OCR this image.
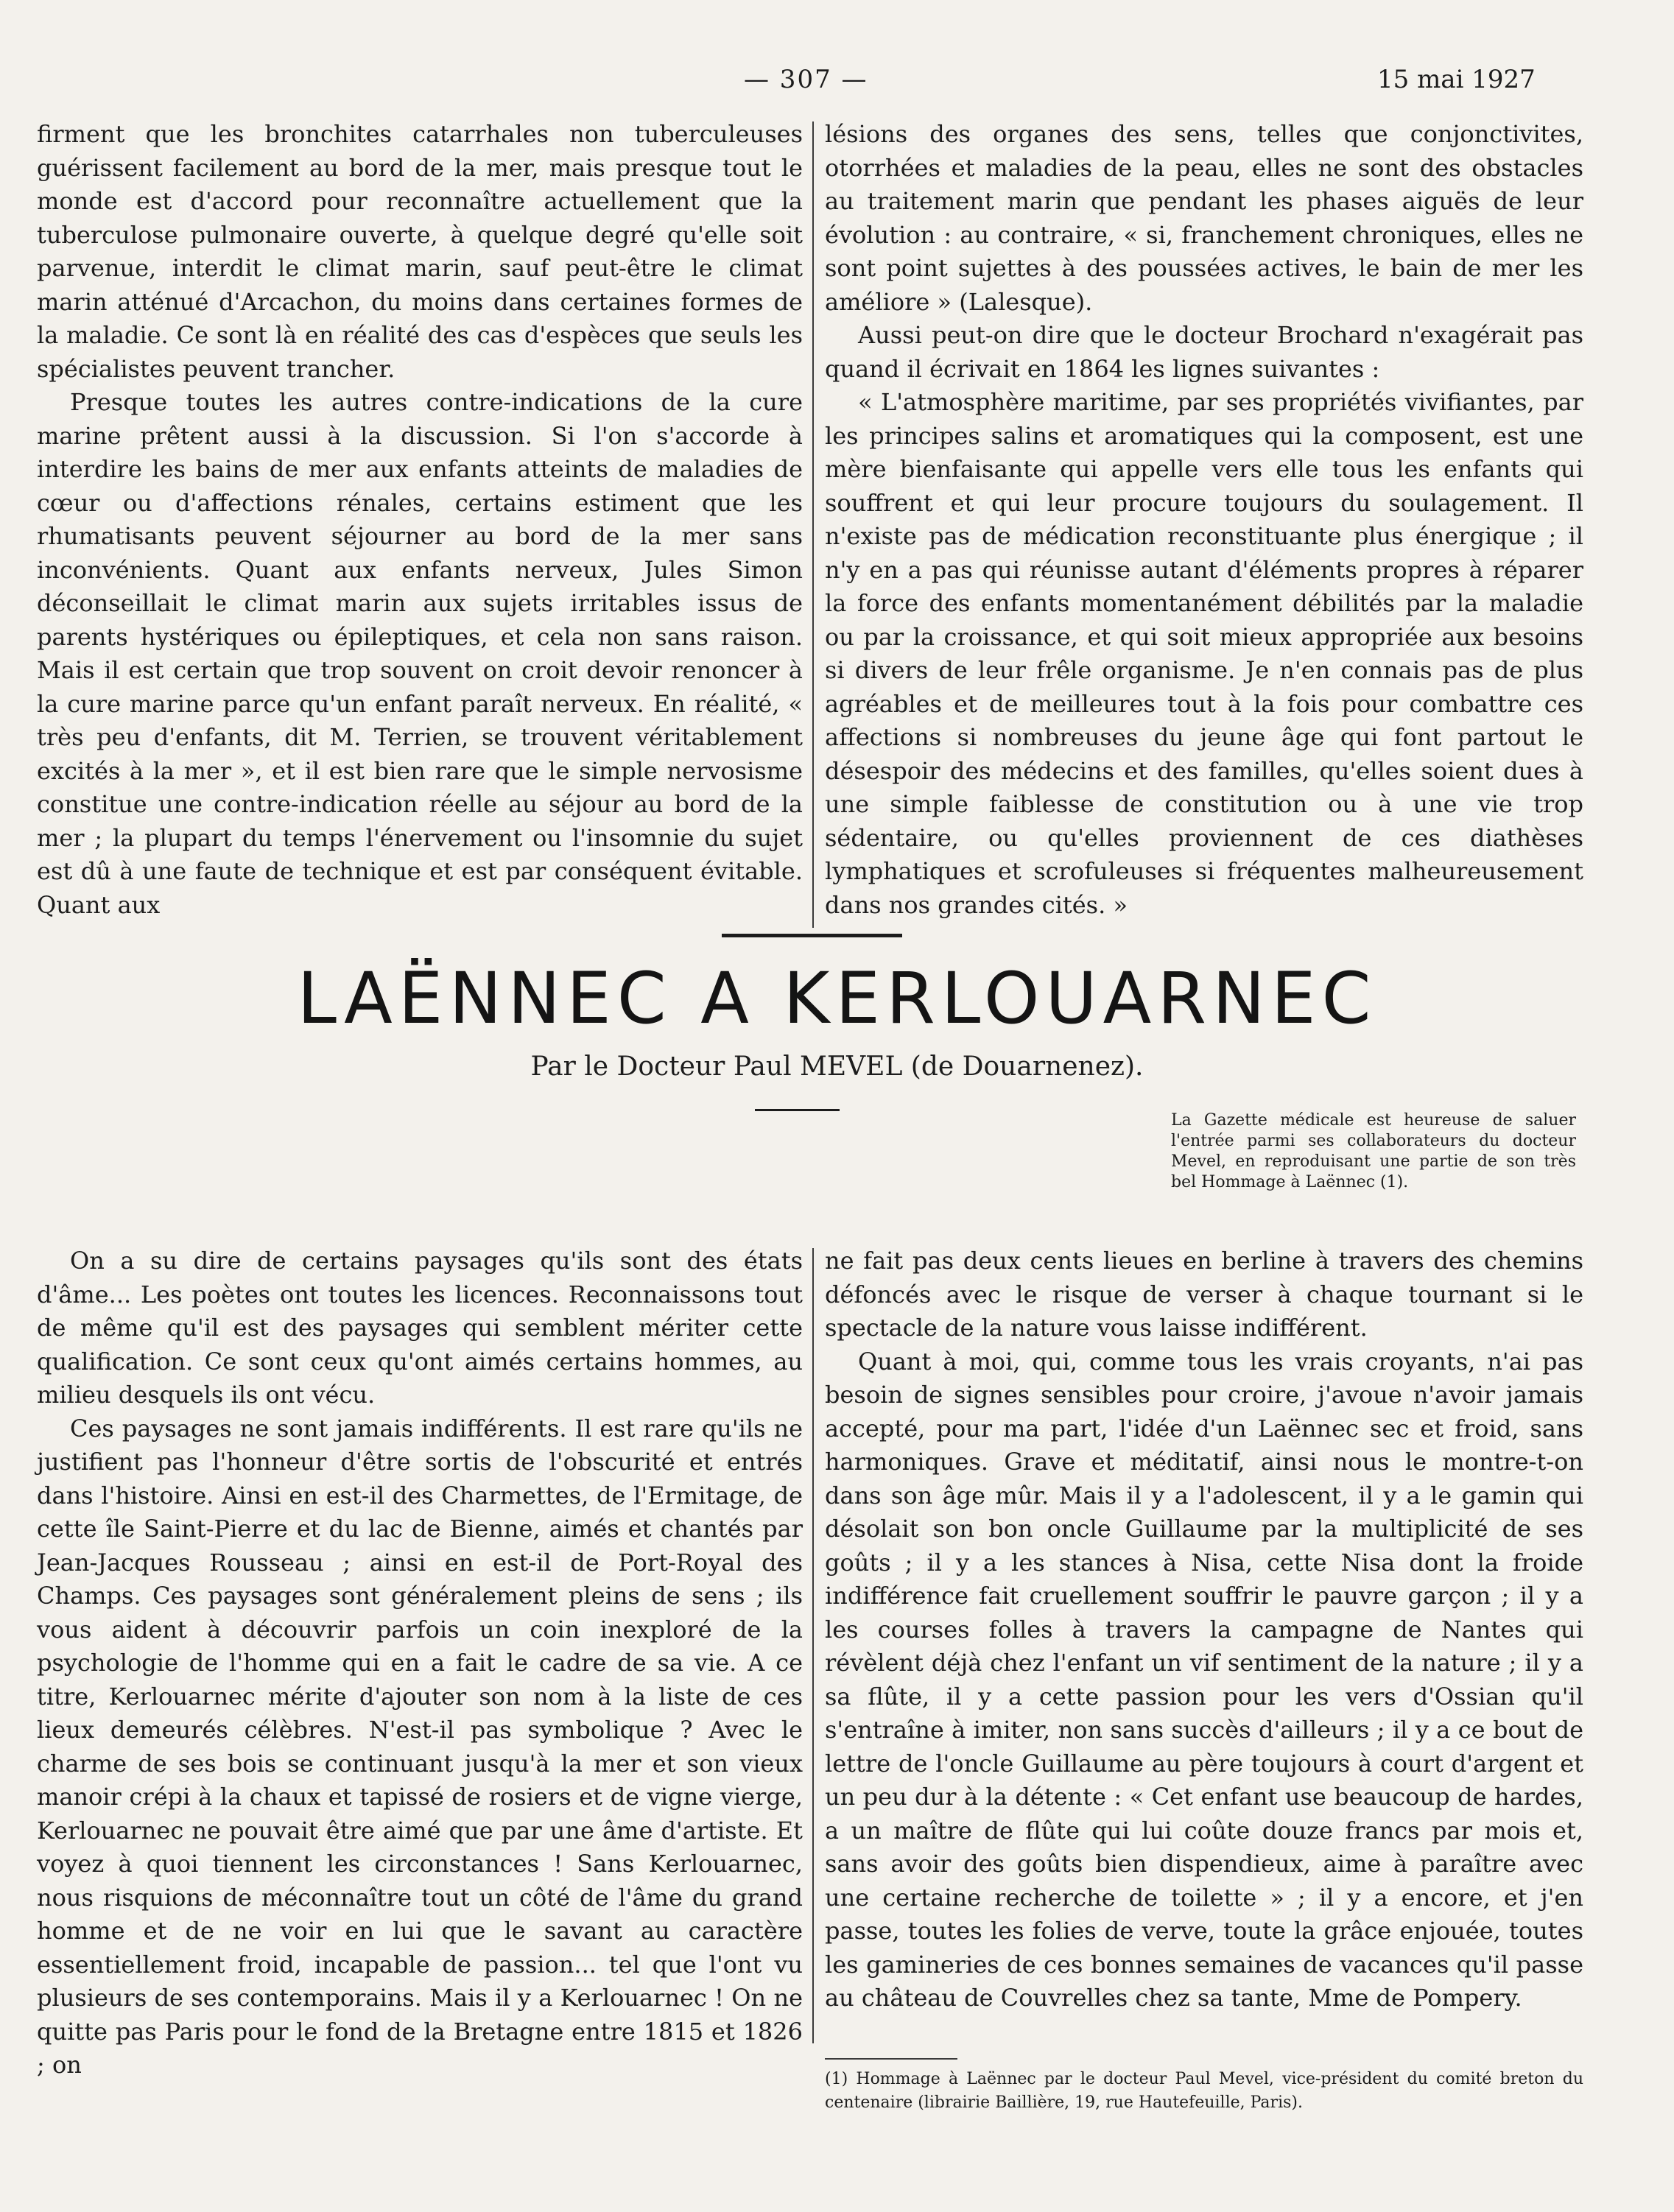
— 307 —	15 mai 1927

firment que les bronchites catarrhales non tuberculeuses guérissent facilement au bord de la mer, mais presque tout le monde est d'accord pour reconnaître actuellement que la tuberculose pulmonaire ouverte, à quelque degré qu'elle soit parvenue, interdit le climat marin, sauf peut-être le climat marin atténué d'Arcachon, du moins dans certaines formes de la maladie. Ce sont là en réalité des cas d'espèces que seuls les spécialistes peuvent trancher.

Presque toutes les autres contre-indications de la cure marine prêtent aussi à la discussion. Si l'on s'accorde à interdire les bains de mer aux enfants atteints de maladies de cœur ou d'affections rénales, certains estiment que les rhumatisants peuvent séjourner au bord de la mer sans inconvénients. Quant aux enfants nerveux, Jules Simon déconseillait le climat marin aux sujets irritables issus de parents hystériques ou épileptiques, et cela non sans raison. Mais il est certain que trop souvent on croit devoir renoncer à la cure marine parce qu'un enfant paraît nerveux. En réalité, « très peu d'enfants, dit M. Terrien, se trouvent véritablement excités à la mer », et il est bien rare que le simple nervosisme constitue une contre-indication réelle au séjour au bord de la mer ; la plupart du temps l'énervement ou l'insomnie du sujet est dû à une faute de technique et est par conséquent évitable. Quant aux

lésions des organes des sens, telles que conjonctivites, otorrhées et maladies de la peau, elles ne sont des obstacles au traitement marin que pendant les phases aiguës de leur évolution : au contraire, « si, franchement chroniques, elles ne sont point sujettes à des poussées actives, le bain de mer les améliore » (Lalesque).

Aussi peut-on dire que le docteur Brochard n'exagérait pas quand il écrivait en 1864 les lignes suivantes :

« L'atmosphère maritime, par ses propriétés vivifiantes, par les principes salins et aromatiques qui la composent, est une mère bienfaisante qui appelle vers elle tous les enfants qui souffrent et qui leur procure toujours du soulagement. Il n'existe pas de médication reconstituante plus énergique ; il n'y en a pas qui réunisse autant d'éléments propres à réparer la force des enfants momentanément débilités par la maladie ou par la croissance, et qui soit mieux appropriée aux besoins si divers de leur frêle organisme. Je n'en connais pas de plus agréables et de meilleures tout à la fois pour combattre ces affections si nombreuses du jeune âge qui font partout le désespoir des médecins et des familles, qu'elles soient dues à une simple faiblesse de constitution ou à une vie trop sédentaire, ou qu'elles proviennent de ces diathèses lymphatiques et scrofuleuses si fréquentes malheureusement dans nos grandes cités. »

LAËNNEC A KERLOUARNEC
Par le Docteur Paul MEVEL (de Douarnenez).
La Gazette médicale est heureuse de saluer l'entrée parmi ses collaborateurs du docteur Mevel, en reproduisant une partie de son très bel Hommage à Laënnec (1).

On a su dire de certains paysages qu'ils sont des états d'âme... Les poètes ont toutes les licences. Reconnaissons tout de même qu'il est des paysages qui semblent mériter cette qualification. Ce sont ceux qu'ont aimés certains hommes, au milieu desquels ils ont vécu.

Ces paysages ne sont jamais indifférents. Il est rare qu'ils ne justifient pas l'honneur d'être sortis de l'obscurité et entrés dans l'histoire. Ainsi en est-il des Charmettes, de l'Ermitage, de cette île Saint-Pierre et du lac de Bienne, aimés et chantés par Jean-Jacques Rousseau ; ainsi en est-il de Port-Royal des Champs. Ces paysages sont généralement pleins de sens ; ils vous aident à découvrir parfois un coin inexploré de la psychologie de l'homme qui en a fait le cadre de sa vie. A ce titre, Kerlouarnec mérite d'ajouter son nom à la liste de ces lieux demeurés célèbres. N'est-il pas symbolique ? Avec le charme de ses bois se continuant jusqu'à la mer et son vieux manoir crépi à la chaux et tapissé de rosiers et de vigne vierge, Kerlouarnec ne pouvait être aimé que par une âme d'artiste. Et voyez à quoi tiennent les circonstances ! Sans Kerlouarnec, nous risquions de méconnaître tout un côté de l'âme du grand homme et de ne voir en lui que le savant au caractère essentiellement froid, incapable de passion... tel que l'ont vu plusieurs de ses contemporains. Mais il y a Kerlouarnec ! On ne quitte pas Paris pour le fond de la Bretagne entre 1815 et 1826 ; on

ne fait pas deux cents lieues en berline à travers des chemins défoncés avec le risque de verser à chaque tournant si le spectacle de la nature vous laisse indifférent.

Quant à moi, qui, comme tous les vrais croyants, n'ai pas besoin de signes sensibles pour croire, j'avoue n'avoir jamais accepté, pour ma part, l'idée d'un Laënnec sec et froid, sans harmoniques. Grave et méditatif, ainsi nous le montre-t-on dans son âge mûr. Mais il y a l'adolescent, il y a le gamin qui désolait son bon oncle Guillaume par la multiplicité de ses goûts ; il y a les stances à Nisa, cette Nisa dont la froide indifférence fait cruellement souffrir le pauvre garçon ; il y a les courses folles à travers la campagne de Nantes qui révèlent déjà chez l'enfant un vif sentiment de la nature ; il y a sa flûte, il y a cette passion pour les vers d'Ossian qu'il s'entraîne à imiter, non sans succès d'ailleurs ; il y a ce bout de lettre de l'oncle Guillaume au père toujours à court d'argent et un peu dur à la détente : « Cet enfant use beaucoup de hardes, a un maître de flûte qui lui coûte douze francs par mois et, sans avoir des goûts bien dispendieux, aime à paraître avec une certaine recherche de toilette » ; il y a encore, et j'en passe, toutes les folies de verve, toute la grâce enjouée, toutes les gamineries de ces bonnes semaines de vacances qu'il passe au château de Couvrelles chez sa tante, Mme de Pompery.

(1) Hommage à Laënnec par le docteur Paul Mevel, vice-président du comité breton du centenaire (librairie Baillière, 19, rue Hautefeuille, Paris).
